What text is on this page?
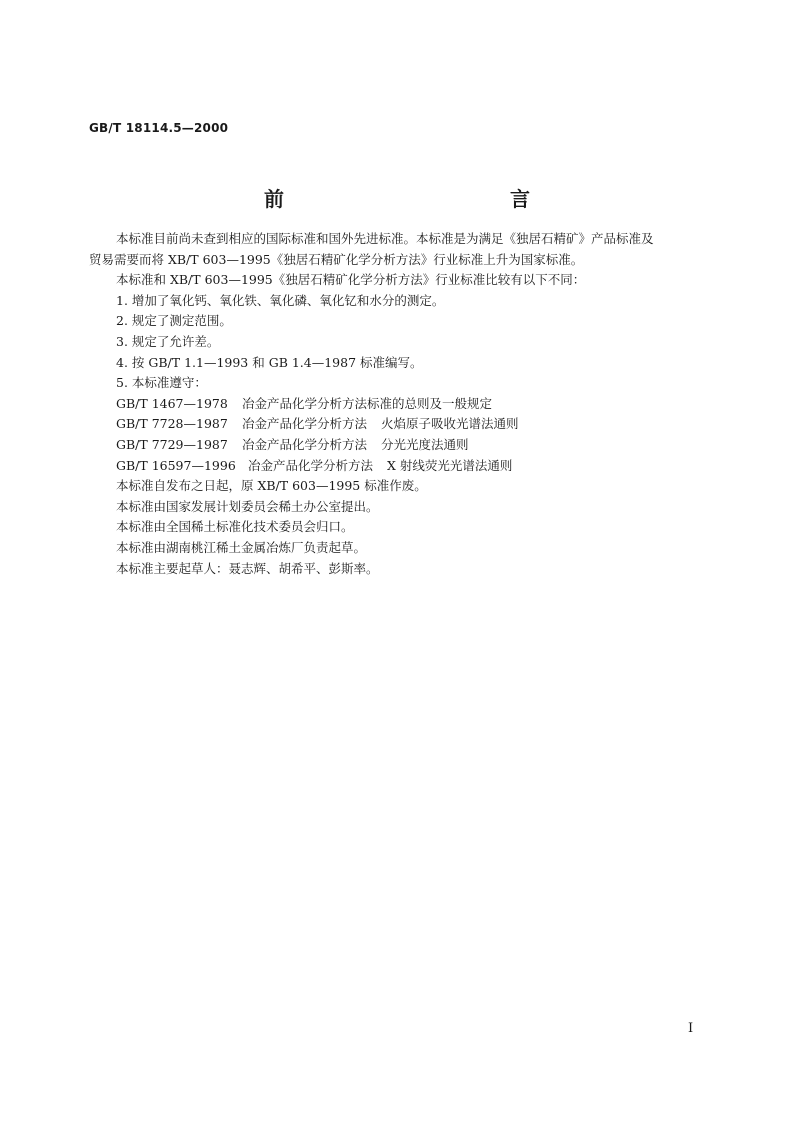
GB/T 18114.5—2000
前　　言

本标准目前尚未查到相应的国际标准和国外先进标准。本标准是为满足《独居石精矿》产品标准及
贸易需要而将 XB/T 603—1995《独居石精矿化学分析方法》行业标准上升为国家标准。

本标准和 XB/T 603—1995《独居石精矿化学分析方法》行业标准比较有以下不同：

1. 增加了氧化钙、氧化铁、氧化磷、氧化钇和水分的测定。

2. 规定了测定范围。

3. 规定了允许差。

4. 按 GB/T 1.1—1993 和 GB 1.4—1987 标准编写。

5. 本标准遵守：

GB/T 1467—1978 冶金产品化学分析方法标准的总则及一般规定

GB/T 7728—1987 冶金产品化学分析方法 火焰原子吸收光谱法通则

GB/T 7729—1987 冶金产品化学分析方法 分光光度法通则

GB/T 16597—1996 冶金产品化学分析方法 X 射线荧光光谱法通则

本标准自发布之日起，原 XB/T 603—1995 标准作废。

本标准由国家发展计划委员会稀土办公室提出。

本标准由全国稀土标准化技术委员会归口。

本标准由湖南桃江稀土金属冶炼厂负责起草。

本标准主要起草人：聂志辉、胡希平、彭斯率。

I
